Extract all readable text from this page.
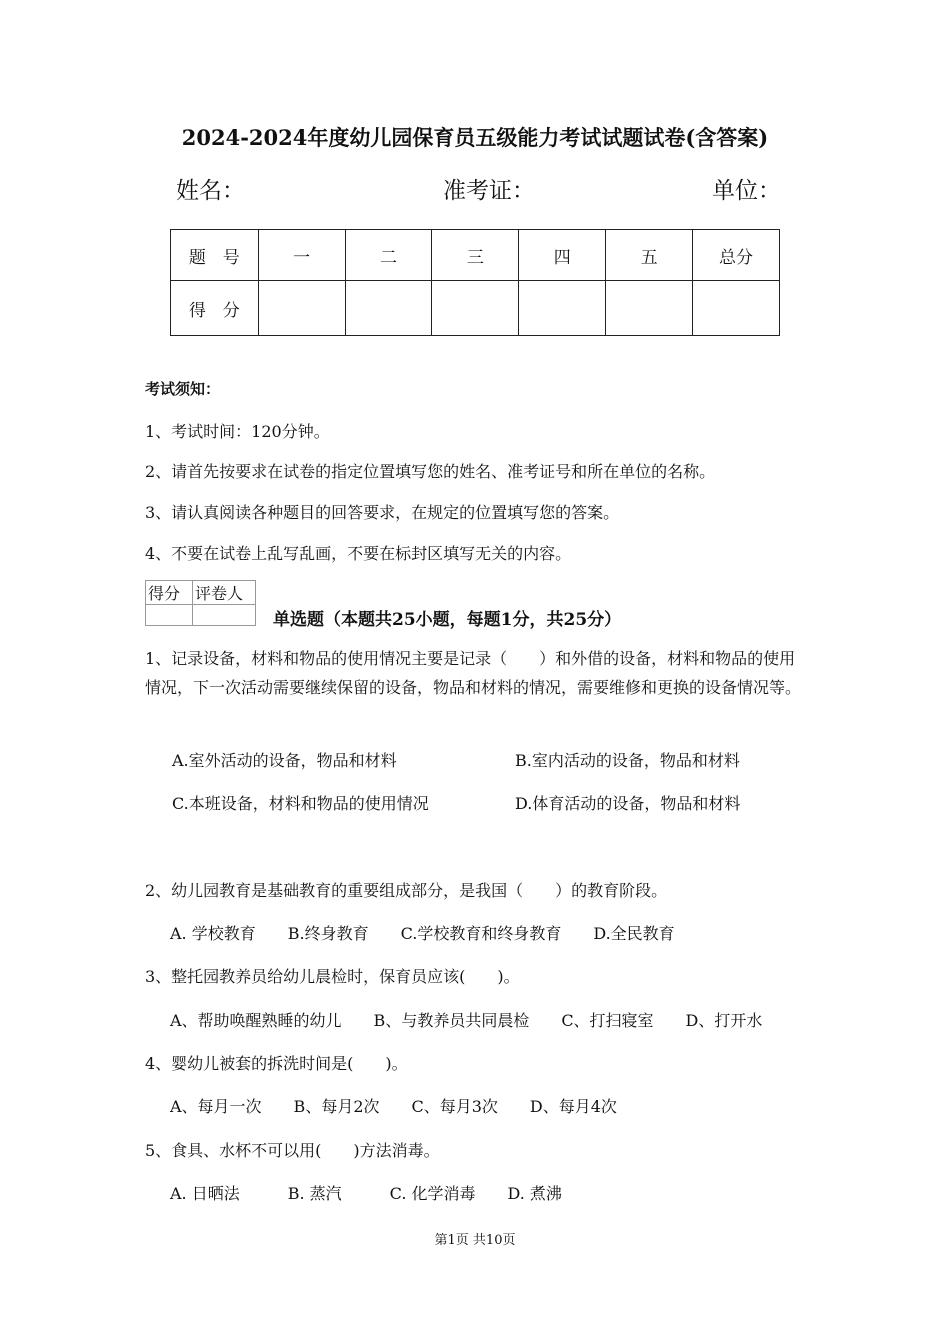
2024-2024年度幼儿园保育员五级能力考试试题试卷(含答案)
姓名：	准考证：	单位：
题　号	一	二	三	四	五	总分
得　分						
考试须知：
1、考试时间：120分钟。
2、请首先按要求在试卷的指定位置填写您的姓名、准考证号和所在单位的名称。
3、请认真阅读各种题目的回答要求，在规定的位置填写您的答案。
4、不要在试卷上乱写乱画，不要在标封区填写无关的内容。
得分	评卷人

单选题（本题共25小题，每题1分，共25分）
1、记录设备，材料和物品的使用情况主要是记录（　　）和外借的设备，材料和物品的使用情况，下一次活动需要继续保留的设备，物品和材料的情况，需要维修和更换的设备情况等。
A.室外活动的设备，物品和材料	B.室内活动的设备，物品和材料
C.本班设备，材料和物品的使用情况	D.体育活动的设备，物品和材料
2、幼儿园教育是基础教育的重要组成部分，是我国（　　）的教育阶段。
A. 学校教育　　B.终身教育　　C.学校教育和终身教育　　D.全民教育
3、整托园教养员给幼儿晨检时，保育员应该(　　)。
A、帮助唤醒熟睡的幼儿　　B、与教养员共同晨检　　C、打扫寝室　　D、打开水
4、婴幼儿被套的拆洗时间是(　　)。
A、每月一次　　B、每月2次　　C、每月3次　　D、每月4次
5、食具、水杯不可以用(　　)方法消毒。
A. 日晒法　　　B. 蒸汽　　　C. 化学消毒　　D. 煮沸
第1页 共10页
